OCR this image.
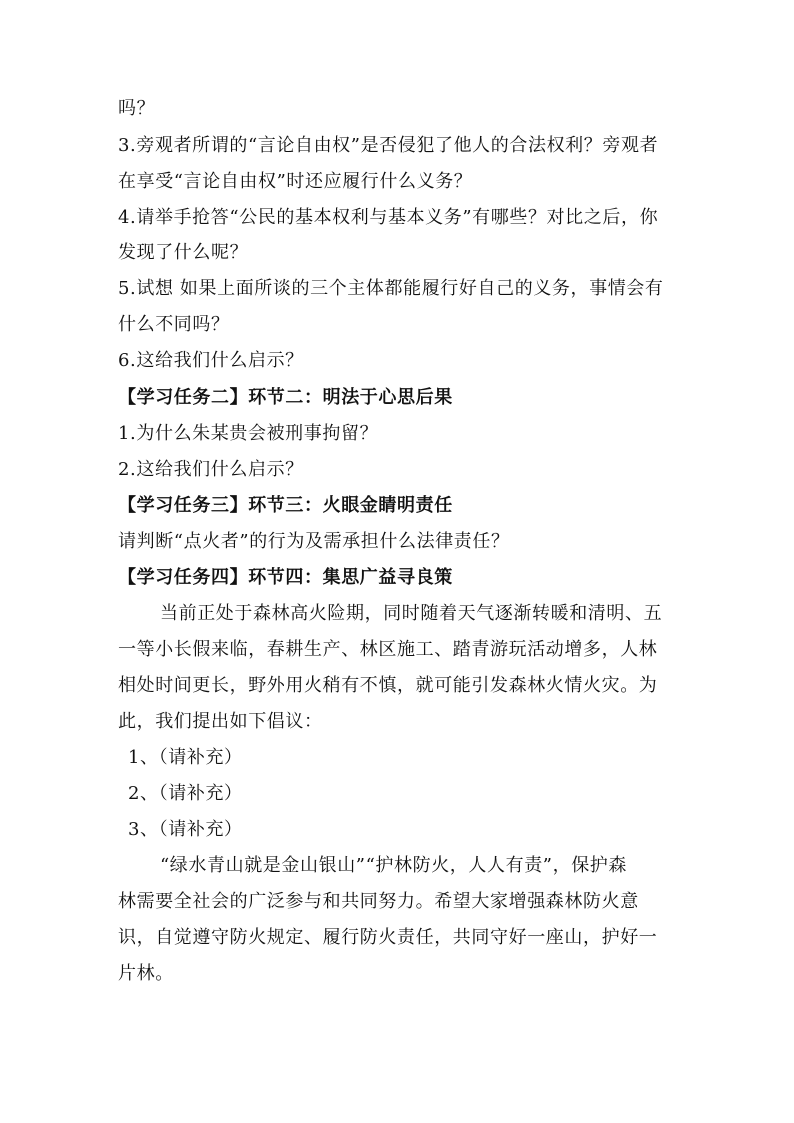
吗？
3.旁观者所谓的“言论自由权”是否侵犯了他人的合法权利？旁观者
在享受“言论自由权”时还应履行什么义务？
4.请举手抢答“公民的基本权利与基本义务”有哪些？对比之后，你
发现了什么呢？
5.试想 如果上面所谈的三个主体都能履行好自己的义务，事情会有
什么不同吗？
6.这给我们什么启示？
【学习任务二】环节二：明法于心思后果
1.为什么朱某贵会被刑事拘留？
2.这给我们什么启示？
【学习任务三】环节三：火眼金睛明责任
请判断“点火者”的行为及需承担什么法律责任？
【学习任务四】环节四：集思广益寻良策
当前正处于森林高火险期，同时随着天气逐渐转暖和清明、五
一等小长假来临，春耕生产、林区施工、踏青游玩活动增多，人林
相处时间更长，野外用火稍有不慎，就可能引发森林火情火灾。为
此，我们提出如下倡议：
1、（请补充）
2、（请补充）
3、（请补充）
“绿水青山就是金山银山”“护林防火，人人有责”，保护森
林需要全社会的广泛参与和共同努力。希望大家增强森林防火意
识，自觉遵守防火规定、履行防火责任，共同守好一座山，护好一
片林。
